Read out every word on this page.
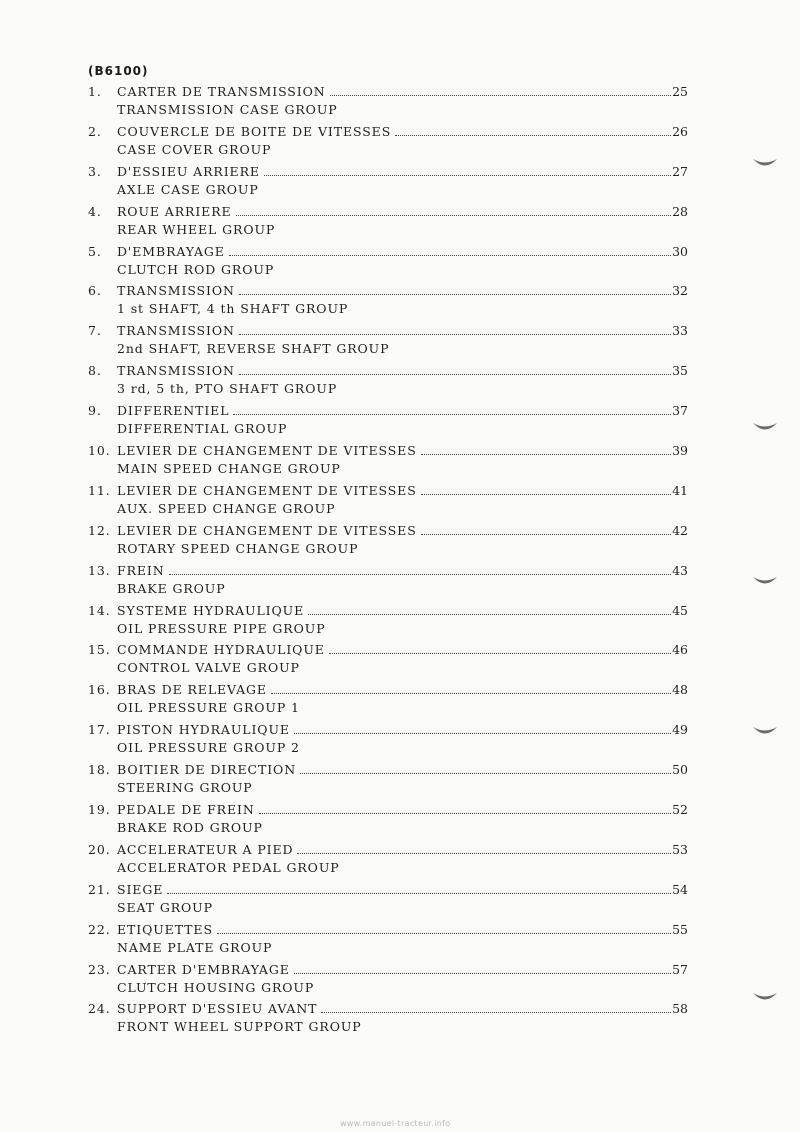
(B6100)
1.	CARTER DE TRANSMISSION	25
TRANSMISSION CASE GROUP
2.	COUVERCLE DE BOITE DE VITESSES	26
CASE COVER GROUP
3.	D'ESSIEU ARRIERE	27
AXLE CASE GROUP
4.	ROUE ARRIERE	28
REAR WHEEL GROUP
5.	D'EMBRAYAGE	30
CLUTCH ROD GROUP
6.	TRANSMISSION	32
1 st SHAFT, 4 th SHAFT GROUP
7.	TRANSMISSION	33
2nd SHAFT, REVERSE SHAFT GROUP
8.	TRANSMISSION	35
3 rd, 5 th, PTO SHAFT GROUP
9.	DIFFERENTIEL	37
DIFFERENTIAL GROUP
10. LEVIER DE CHANGEMENT DE VITESSES	39
MAIN SPEED CHANGE GROUP
11. LEVIER DE CHANGEMENT DE VITESSES	41
AUX. SPEED CHANGE GROUP
12. LEVIER DE CHANGEMENT DE VITESSES	42
ROTARY SPEED CHANGE GROUP
13. FREIN	43
BRAKE GROUP
14. SYSTEME HYDRAULIQUE	45
OIL PRESSURE PIPE GROUP
15. COMMANDE HYDRAULIQUE	46
CONTROL VALVE GROUP
16. BRAS DE RELEVAGE	48
OIL PRESSURE GROUP 1
17. PISTON HYDRAULIQUE	49
OIL PRESSURE GROUP 2
18. BOITIER DE DIRECTION	50
STEERING GROUP
19. PEDALE DE FREIN	52
BRAKE ROD GROUP
20. ACCELERATEUR A PIED	53
ACCELERATOR PEDAL GROUP
21. SIEGE	54
SEAT GROUP
22. ETIQUETTES	55
NAME PLATE GROUP
23. CARTER D'EMBRAYAGE	57
CLUTCH HOUSING GROUP
24. SUPPORT D'ESSIEU AVANT	58
FRONT WHEEL SUPPORT GROUP
www.manuel-tracteur.info
